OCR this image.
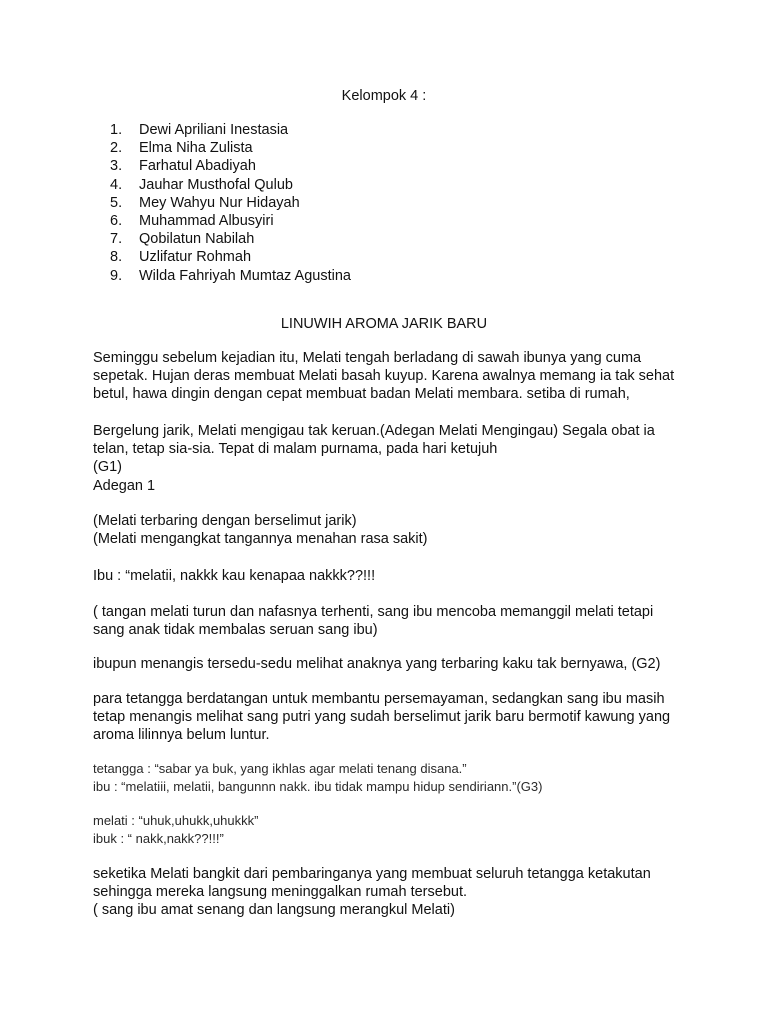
Kelompok 4 :
1.	Dewi Apriliani Inestasia
2.	Elma Niha Zulista
3.	Farhatul Abadiyah
4.	Jauhar Musthofal Qulub
5.	Mey Wahyu Nur Hidayah
6.	Muhammad Albusyiri
7.	Qobilatun Nabilah
8.	Uzlifatur Rohmah
9.	Wilda Fahriyah Mumtaz Agustina
LINUWIH AROMA JARIK BARU

Seminggu sebelum kejadian itu, Melati tengah berladang di sawah ibunya yang cuma
sepetak. Hujan deras membuat Melati basah kuyup. Karena awalnya memang ia tak sehat
betul, hawa dingin dengan cepat membuat badan Melati membara. setiba di rumah,

Bergelung jarik, Melati mengigau tak keruan.(Adegan Melati Mengingau) Segala obat ia
telan, tetap sia-sia. Tepat di malam purnama, pada hari ketujuh
(G1)
Adegan 1

(Melati terbaring dengan berselimut jarik)
(Melati mengangkat tangannya menahan rasa sakit)

Ibu : “melatii, nakkk kau kenapaa nakkk??!!!

( tangan melati turun dan nafasnya terhenti, sang ibu mencoba memanggil melati tetapi
sang anak tidak membalas seruan sang ibu)

ibupun menangis tersedu-sedu melihat anaknya yang terbaring kaku tak bernyawa, (G2)

para tetangga berdatangan untuk membantu persemayaman, sedangkan sang ibu masih
tetap menangis melihat sang putri yang sudah berselimut jarik baru bermotif kawung yang
aroma lilinnya belum luntur.

tetangga : “sabar ya buk, yang ikhlas agar melati tenang disana.”
ibu : “melatiii, melatii, bangunnn nakk. ibu tidak mampu hidup sendiriann.”(G3)

melati : “uhuk,uhukk,uhukkk”
ibuk : “ nakk,nakk??!!!”

seketika Melati bangkit dari pembaringanya yang membuat seluruh tetangga ketakutan
sehingga mereka langsung meninggalkan rumah tersebut.
( sang ibu amat senang dan langsung merangkul Melati)
